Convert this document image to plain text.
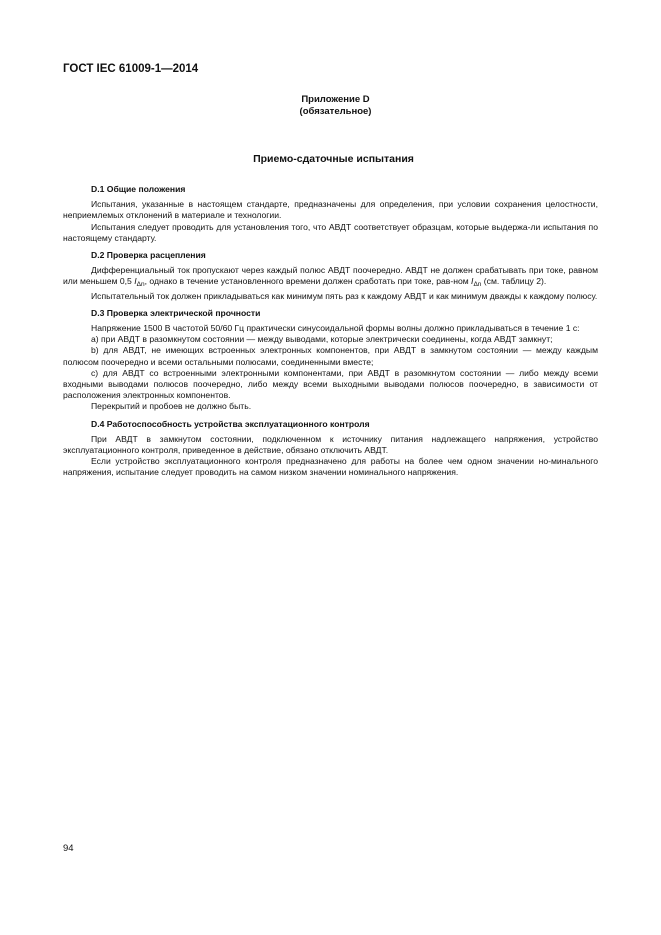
ГОСТ IEC 61009-1—2014
Приложение D
(обязательное)
Приемо-сдаточные испытания
D.1 Общие положения

Испытания, указанные в настоящем стандарте, предназначены для определения, при условии сохранения целостности, неприемлемых отклонений в материале и технологии.

Испытания следует проводить для установления того, что АВДТ соответствует образцам, которые выдержа-ли испытания по настоящему стандарту.

D.2 Проверка расцепления

Дифференциальный ток пропускают через каждый полюс АВДТ поочередно. АВДТ не должен срабатывать при токе, равном или меньшем 0,5 $I_{\Delta n}$, однако в течение установленного времени должен сработать при токе, рав-ном $I_{\Delta n}$ (см. таблицу 2).

Испытательный ток должен прикладываться как минимум пять раз к каждому АВДТ и как минимум дважды к каждому полюсу.

D.3 Проверка электрической прочности

Напряжение 1500 В частотой 50/60 Гц практически синусоидальной формы волны должно прикладываться в течение 1 с:

а) при АВДТ в разомкнутом состоянии — между выводами, которые электрически соединены, когда АВДТ замкнут;

b) для АВДТ, не имеющих встроенных электронных компонентов, при АВДТ в замкнутом состоянии — между каждым полюсом поочередно и всеми остальными полюсами, соединенными вместе;

с) для АВДТ со встроенными электронными компонентами, при АВДТ в разомкнутом состоянии — либо между всеми входными выводами полюсов поочередно, либо между всеми выходными выводами полюсов поочередно, в зависимости от расположения электронных компонентов.

Перекрытий и пробоев не должно быть.

D.4 Работоспособность устройства эксплуатационного контроля

При АВДТ в замкнутом состоянии, подключенном к источнику питания надлежащего напряжения, устройство эксплуатационного контроля, приведенное в действие, обязано отключить АВДТ.

Если устройство эксплуатационного контроля предназначено для работы на более чем одном значении но-минального напряжения, испытание следует проводить на самом низком значении номинального напряжения.

94
